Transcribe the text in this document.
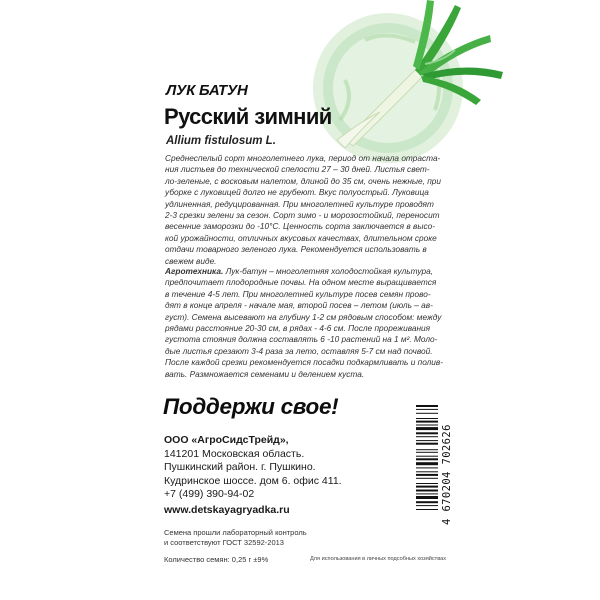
ЛУК БАТУН
Русский зимний
Allium fistulosum L.
Среднеспелый сорт многолетнего лука, период от начала отраста-
ния листьев до технической спелости 27 – 30 дней. Листья свет-
ло-зеленые, с восковым налетом, длиной до 35 см, очень нежные, при
уборке с луковицей долго не грубеют. Вкус полуострый. Луковица
удлиненная, редуцированная. При многолетней культуре проводят
2-3 срезки зелени за сезон. Сорт зимо - и морозостойкий, переносит
весенние заморозки до -10°С. Ценность сорта заключается в высо-
кой урожайности, отличных вкусовых качествах, длительном сроке
отдачи товарного зеленого лука. Рекомендуется использовать в
свежем виде.
Агротехника. Лук-батун – многолетняя холодостойкая культура,
предпочитает плодородные почвы. На одном месте выращивается
в течение 4-5 лет. При многолетней культуре посев семян прово-
дят в конце апреля - начале мая, второй посев – летом (июль – ав-
густ). Семена высевают на глубину 1-2 см рядовым способом: между
рядами расстояние 20-30 см, в рядах - 4-6 см. После прореживания
густота стояния должна составлять 6 -10 растений на 1 м². Моло-
дые листья срезают 3-4 раза за лето, оставляя 5-7 см над почвой.
После каждой срезки рекомендуется посадки подкармливать и полив-
вать. Размножается семенами и делением куста.
Поддержи свое!
ООО «АгроСидсТрейд»,
141201 Московская область.
Пушкинский район. г. Пушкино.
Кудринское шоссе. дом 6. офис 411.
+7 (499) 390-94-02
www.detskayagryadka.ru
Семена прошли лабораторный контроль
и соответствуют ГОСТ 32592-2013
Количество семян: 0,25 г ±9%	Для использования в личных подсобных хозяйствах
4 670204 702626
